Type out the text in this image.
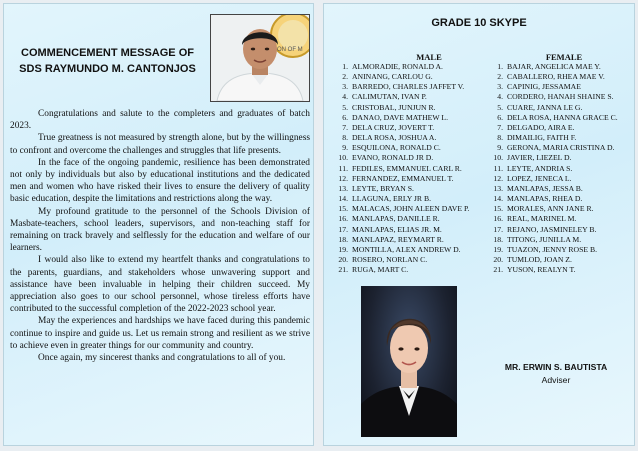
COMMENCEMENT MESSAGE OF
SDS RAYMUNDO M. CANTONJOS
ON OF M

Congratulations and salute to the completers and graduates of batch 2023.

True greatness is not measured by strength alone, but by the willingness to confront and overcome the challenges and struggles that life presents.

In the face of the ongoing pandemic, resilience has been demonstrated not only by individuals but also by educational institutions and the dedicated men and women who have risked their lives to ensure the delivery of quality basic education, despite the limitations and restrictions along the way.

My profound gratitude to the personnel of the Schools Division of Masbate-teachers, school leaders, supervisors, and non-teaching staff for remaining on track bravely and selflessly for the education and welfare of our learners.

I would also like to extend my heartfelt thanks and congratulations to the parents, guardians, and stakeholders whose unwavering support and assistance have been invaluable in helping their children succeed. My appreciation also goes to our school personnel, whose tireless efforts have contributed to the successful completion of the 2022-2023 school year.

May the experiences and hardships we have faced during this pandemic continue to inspire and guide us. Let us remain strong and resilient as we strive to achieve even in greater things for our community and country.

Once again, my sincerest thanks and congratulations to all of you.

GRADE 10 SKYPE
MALE	FEMALE
1. ALMORADIE, RONALD A.
2. ANINANG, CARLOU G.
3. BARREDO, CHARLES JAFFET V.
4. CALIMUTAN, IVAN P.
5. CRISTOBAL, JUNJUN R.
6. DANAO, DAVE MATHEW L.
7. DELA CRUZ, JOVERT T.
8. DELA ROSA, JOSHUA A.
9. ESQUILONA, RONALD C.
10. EVANO, RONALD JR D.
11. FEDILES, EMMANUEL CARL R.
12. FERNANDEZ, EMMANUEL T.
13. LEYTE, BRYAN S.
14. LLAGUNA, ERLY JR B.
15. MALACAS, JOHN ALEEN DAVE P.
16. MANLAPAS, DANILLE R.
17. MANLAPAS, ELIAS JR. M.
18. MANLAPAZ, REYMART R.
19. MONTILLA, ALEX ANDREW D.
20. ROSERO, NORLAN C.
21. RUGA, MART C.
1. BAJAR, ANGELICA MAE Y.
2. CABALLERO, RHEA MAE V.
3. CAPINIG, JESSAMAE
4. CORDERO, HANAH SHAINE S.
5. CUARE, JANNA LE G.
6. DELA ROSA, HANNA GRACE C.
7. DELGADO, AIRA E.
8. DIMAILIG, FAITH F.
9. GERONA, MARIA CRISTINA D.
10. JAVIER, LIEZEL D.
11. LEYTE, ANDRIA S.
12. LOPEZ, JENECA L.
13. MANLAPAS, JESSA B.
14. MANLAPAS, RHEA D.
15. MORALES, ANN JANE R.
16. REAL, MARINEL M.
17. REJANO, JASMINELEY B.
18. TITONG, JUNILLA M.
19. TUAZON, JENNY ROSE B.
20. TUMLOD, JOAN Z.
21. YUSON, REALYN T.
MR. ERWIN S. BAUTISTA
Adviser
